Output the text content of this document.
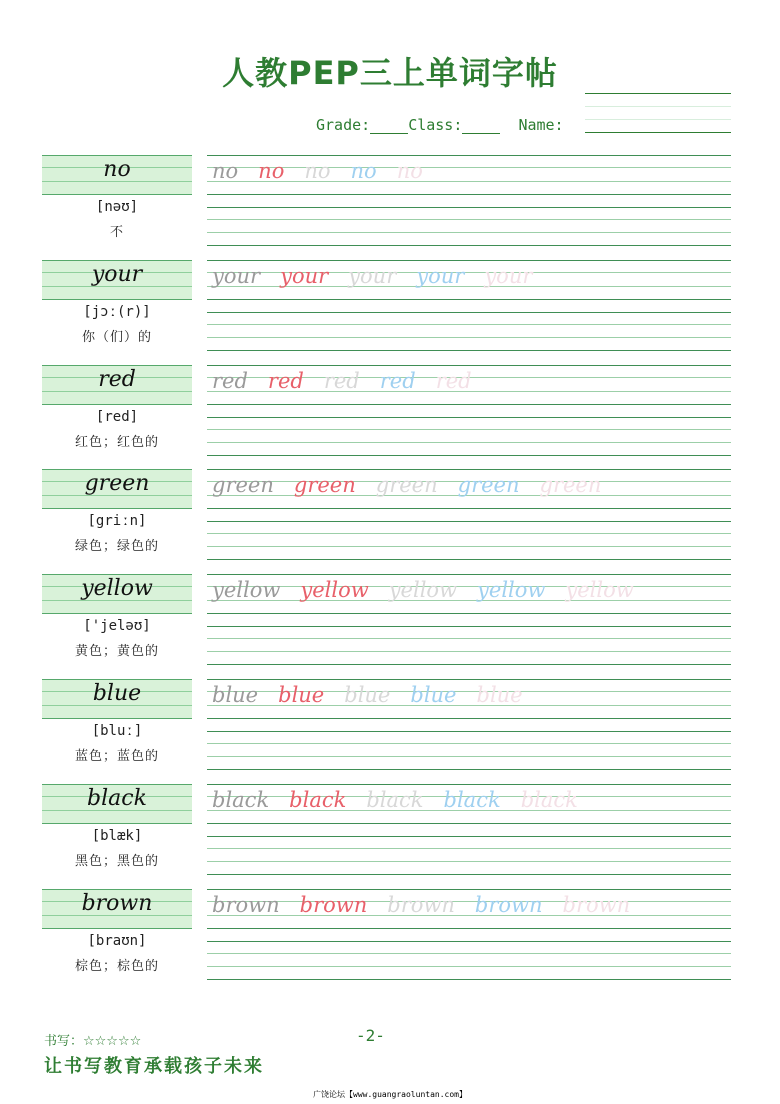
人教PEP三上单词字帖
Grade:	Class:	Name:
no
[nəʊ]
不
no no no no no
your
[jɔː(r)]
你（们）的
your your your your your
red
[red]
红色；红色的
red red red red red
green
[griːn]
绿色；绿色的
green green green green green
yellow
['jeləʊ]
黄色；黄色的
yellow yellow yellow yellow yellow
blue
[bluː]
蓝色；蓝色的
blue blue blue blue blue
black
[blæk]
黑色；黑色的
black black black black black
brown
[braʊn]
棕色；棕色的
brown brown brown brown brown
书写：☆☆☆☆☆	-2-
让书写教育承载孩子未来
广饶论坛【www.guangraoluntan.com】
